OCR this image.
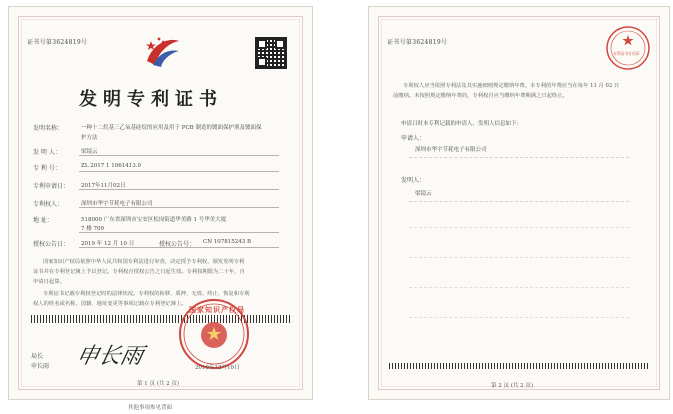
证书号第3624819号
发明专利证书
发明名称：	一种十二烷基三乙氧基硅烷的应用及用于 PCB 制造的镀面保护剂及镀面保
护方法
发 明 人：	梁镜云
专 利 号：	ZL 2017 1 1061413.0
专利申请日： 2017年11月02日
专利权人：	深圳市华宇节耗电子有限公司
地 址：	518000 广东省深圳市宝安区松岗街道华美路 1 号华美大厦
7 楼 709
授权公告日： 2019 年 12 月 10 日	授权公告号： CN 107815243 B
国家知识产权局依照中华人民共和国专利法进行审查，决定授予专利权，颁发发明专利
证书并在专利登记簿上予以登记。专利权自授权公告之日起生效。专利权期限为二十年，自
申请日起算。
专利证书记载专利权登记时的法律状况。专利权的转移、质押、无效、终止、恢复和专利
权人的姓名或名称、国籍、地址变更等事项记载在专利登记簿上。
局长
申长雨 申长雨
国家知识产权局
2019年12月10日
第 1 页 (共 2 页)
其他事项参见背面
证书号第3624819号
专利证书专用章
专利权人应当依照专利法及其实施细则规定缴纳年费。本专利的年费应当在每年 11 月 02 日
前缴纳。未按照规定缴纳年费的，专利权自应当缴纳年费期满之日起终止。
申请日时本专利记载的申请人、发明人信息如下：
申请人：
深圳市华宇节耗电子有限公司
发明人：
梁镜云
第 2 页 (共 2 页)
